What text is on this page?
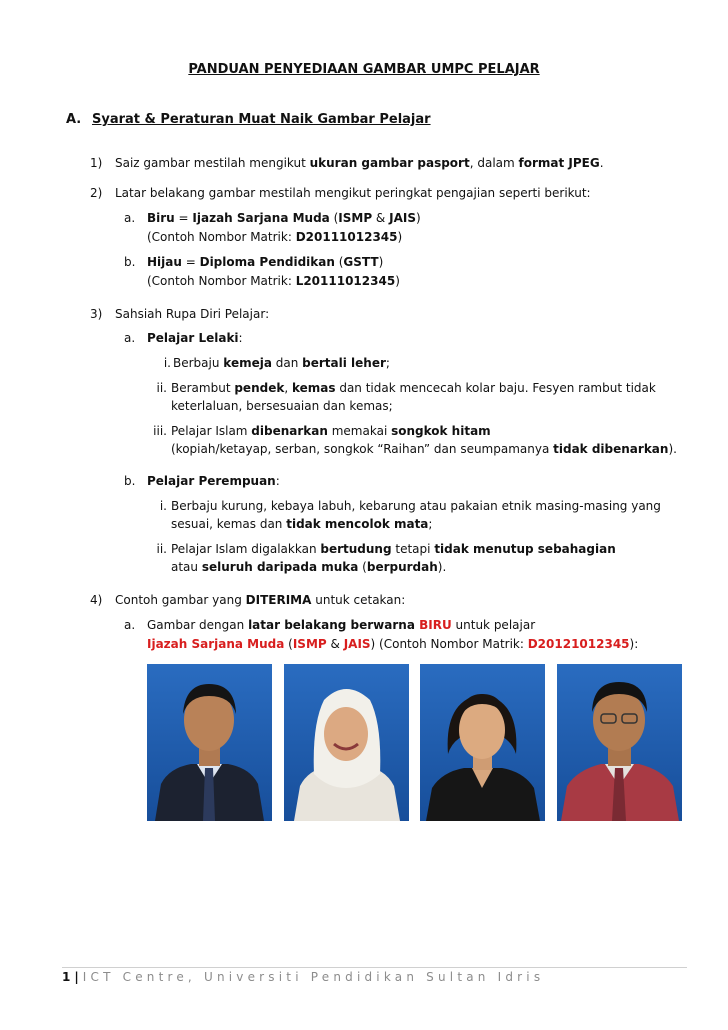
PANDUAN PENYEDIAAN GAMBAR UMPC PELAJAR
A. Syarat & Peraturan Muat Naik Gambar Pelajar
1) Saiz gambar mestilah mengikut ukuran gambar pasport, dalam format JPEG.
2) Latar belakang gambar mestilah mengikut peringkat pengajian seperti berikut:
a. Biru = Ijazah Sarjana Muda (ISMP & JAIS)
(Contoh Nombor Matrik: D20111012345)
b. Hijau = Diploma Pendidikan (GSTT)
(Contoh Nombor Matrik: L20111012345)
3) Sahsiah Rupa Diri Pelajar:
a. Pelajar Lelaki:
i. Berbaju kemeja dan bertali leher;
ii. Berambut pendek, kemas dan tidak mencecah kolar baju. Fesyen rambut tidak
keterlaluan, bersesuaian dan kemas;
iii. Pelajar Islam dibenarkan memakai songkok hitam
(kopiah/ketayap, serban, songkok “Raihan” dan seumpamanya tidak dibenarkan).
b. Pelajar Perempuan:
i. Berbaju kurung, kebaya labuh, kebarung atau pakaian etnik masing-masing yang
sesuai, kemas dan tidak mencolok mata;
ii. Pelajar Islam digalakkan bertudung tetapi tidak menutup sebahagian
atau seluruh daripada muka (berpurdah).
4) Contoh gambar yang DITERIMA untuk cetakan:
a. Gambar dengan latar belakang berwarna BIRU untuk pelajar
Ijazah Sarjana Muda (ISMP & JAIS) (Contoh Nombor Matrik: D20121012345):
1 | ICT Centre, Universiti Pendidikan Sultan Idris
